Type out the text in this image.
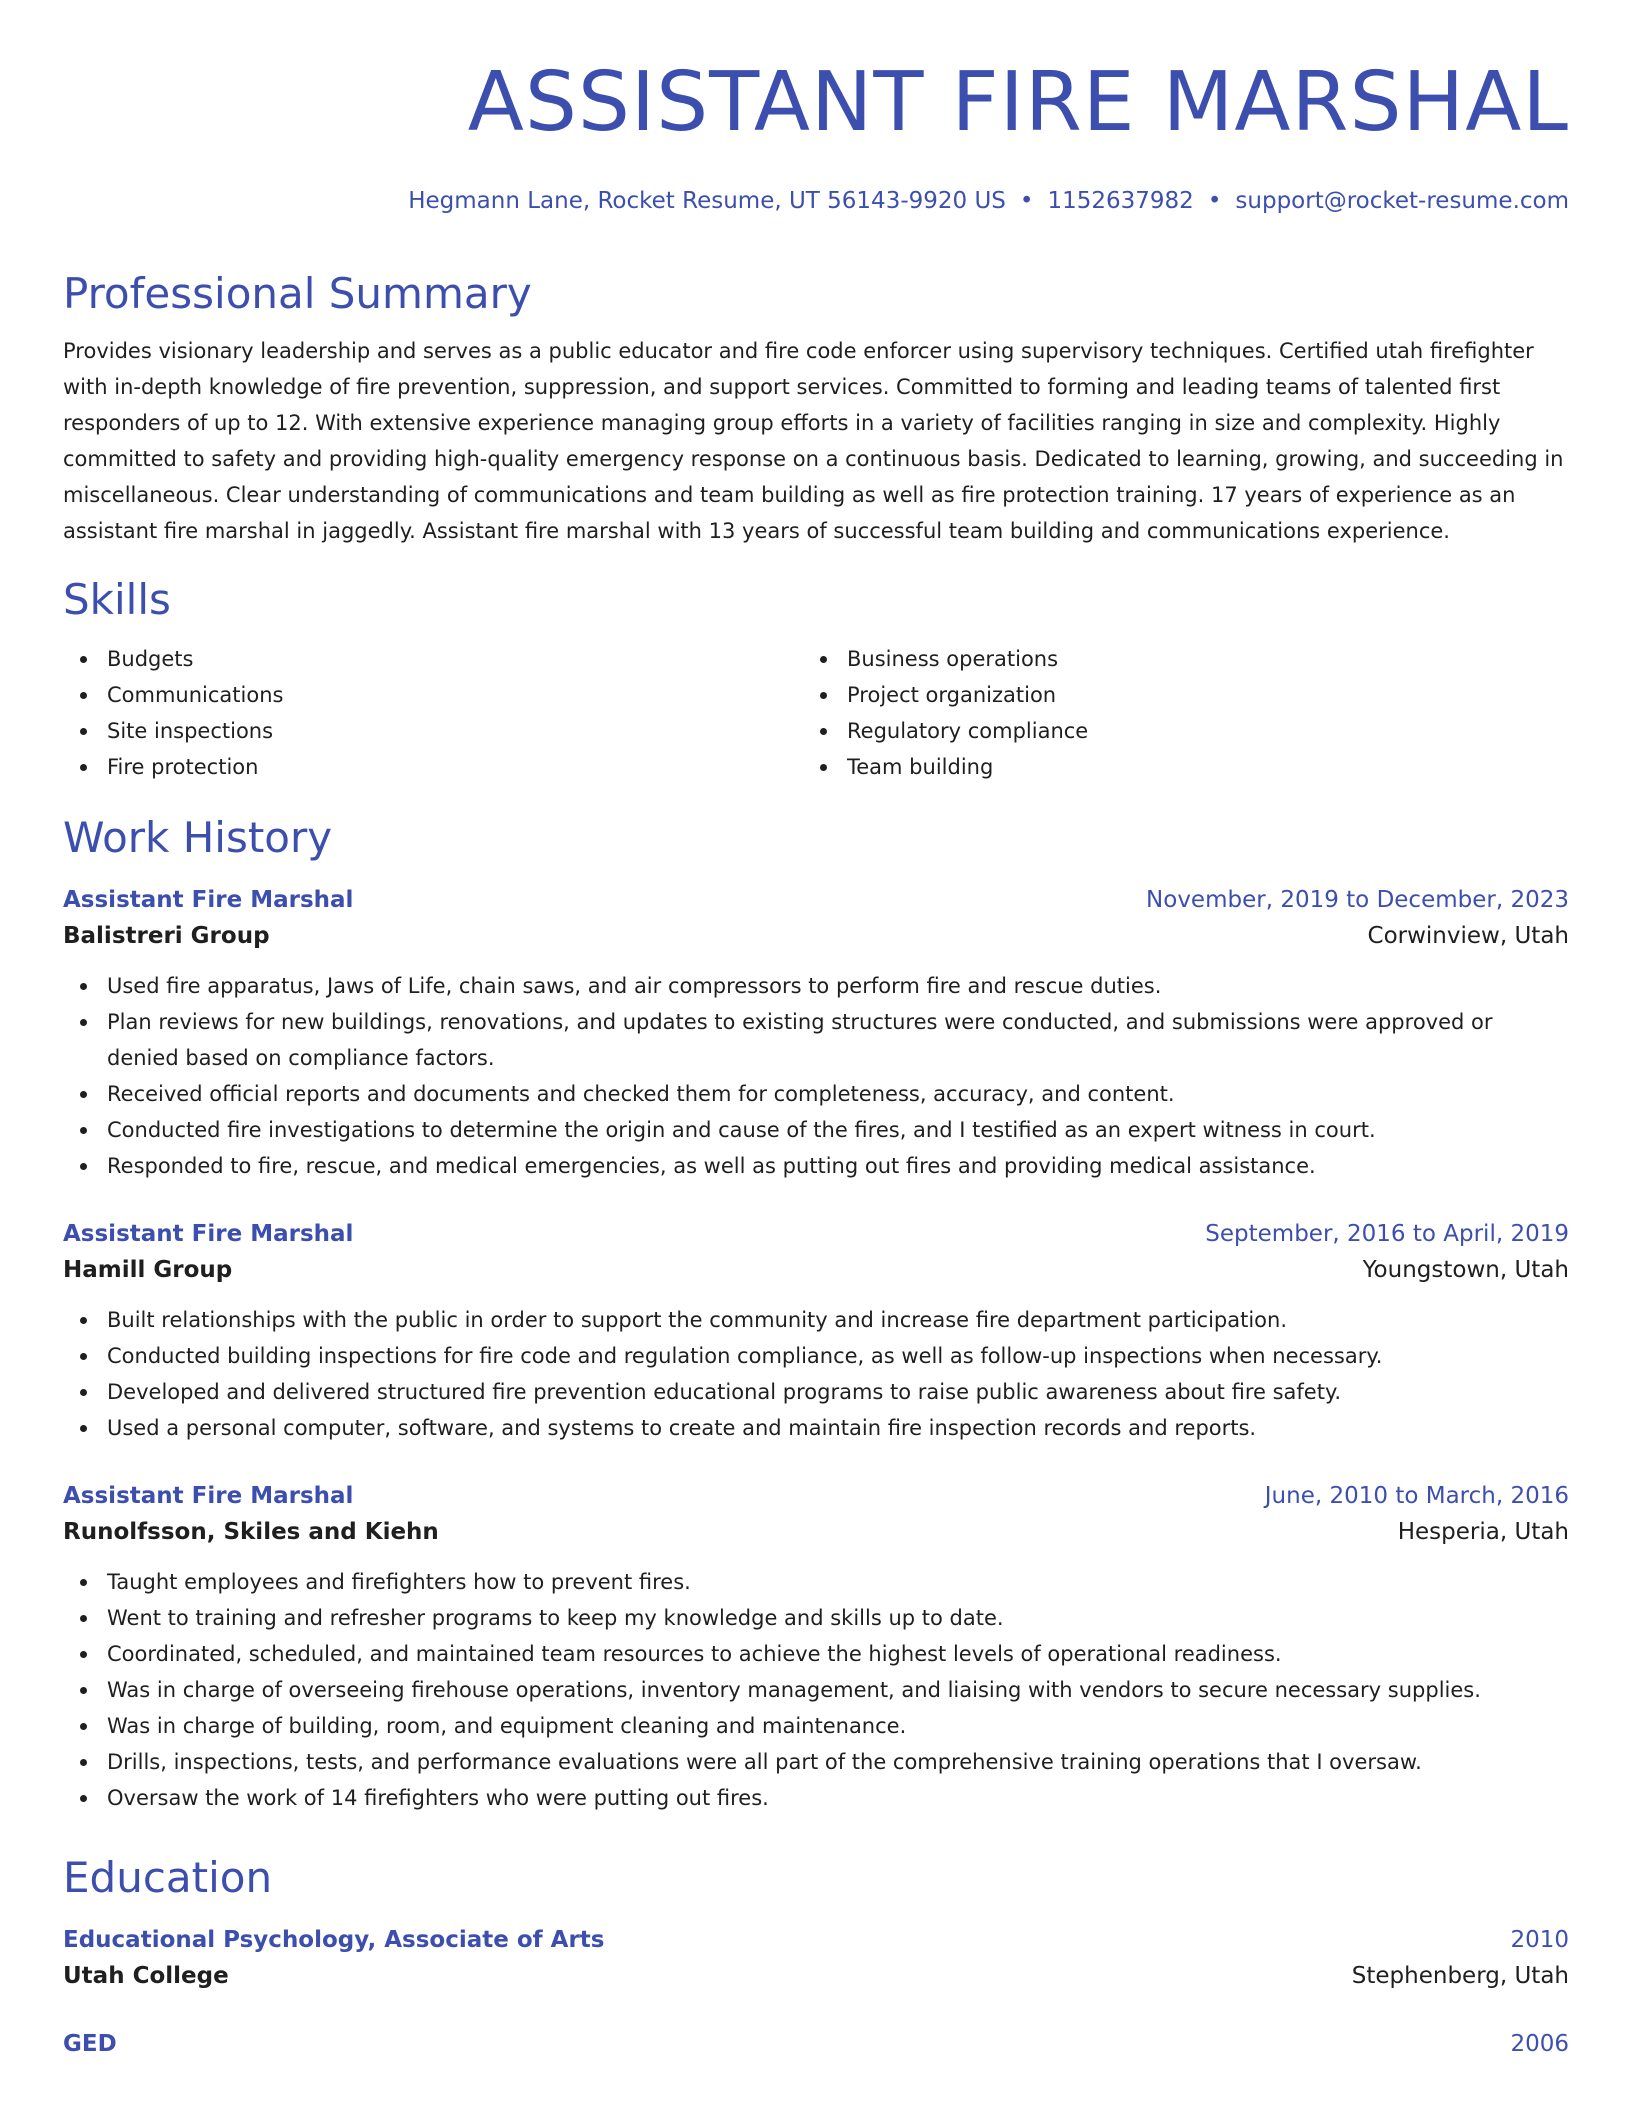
ASSISTANT FIRE MARSHAL
Hegmann Lane, Rocket Resume, UT 56143-9920 US • 1152637982 • support@rocket-resume.com
Professional Summary
Provides visionary leadership and serves as a public educator and fire code enforcer using supervisory techniques. Certified utah firefighter with in-depth knowledge of fire prevention, suppression, and support services. Committed to forming and leading teams of talented first responders of up to 12. With extensive experience managing group efforts in a variety of facilities ranging in size and complexity. Highly committed to safety and providing high-quality emergency response on a continuous basis. Dedicated to learning, growing, and succeeding in miscellaneous. Clear understanding of communications and team building as well as fire protection training. 17 years of experience as an assistant fire marshal in jaggedly. Assistant fire marshal with 13 years of successful team building and communications experience.
Skills
Budgets
Communications
Site inspections
Fire protection
Business operations
Project organization
Regulatory compliance
Team building
Work History
Assistant Fire Marshal	November, 2019 to December, 2023
Balistreri Group	Corwinview, Utah
Used fire apparatus, Jaws of Life, chain saws, and air compressors to perform fire and rescue duties.
Plan reviews for new buildings, renovations, and updates to existing structures were conducted, and submissions were approved or denied based on compliance factors.
Received official reports and documents and checked them for completeness, accuracy, and content.
Conducted fire investigations to determine the origin and cause of the fires, and I testified as an expert witness in court.
Responded to fire, rescue, and medical emergencies, as well as putting out fires and providing medical assistance.
Assistant Fire Marshal	September, 2016 to April, 2019
Hamill Group	Youngstown, Utah
Built relationships with the public in order to support the community and increase fire department participation.
Conducted building inspections for fire code and regulation compliance, as well as follow-up inspections when necessary.
Developed and delivered structured fire prevention educational programs to raise public awareness about fire safety.
Used a personal computer, software, and systems to create and maintain fire inspection records and reports.
Assistant Fire Marshal	June, 2010 to March, 2016
Runolfsson, Skiles and Kiehn	Hesperia, Utah
Taught employees and firefighters how to prevent fires.
Went to training and refresher programs to keep my knowledge and skills up to date.
Coordinated, scheduled, and maintained team resources to achieve the highest levels of operational readiness.
Was in charge of overseeing firehouse operations, inventory management, and liaising with vendors to secure necessary supplies.
Was in charge of building, room, and equipment cleaning and maintenance.
Drills, inspections, tests, and performance evaluations were all part of the comprehensive training operations that I oversaw.
Oversaw the work of 14 firefighters who were putting out fires.
Education
Educational Psychology, Associate of Arts	2010
Utah College	Stephenberg, Utah
GED	2006
